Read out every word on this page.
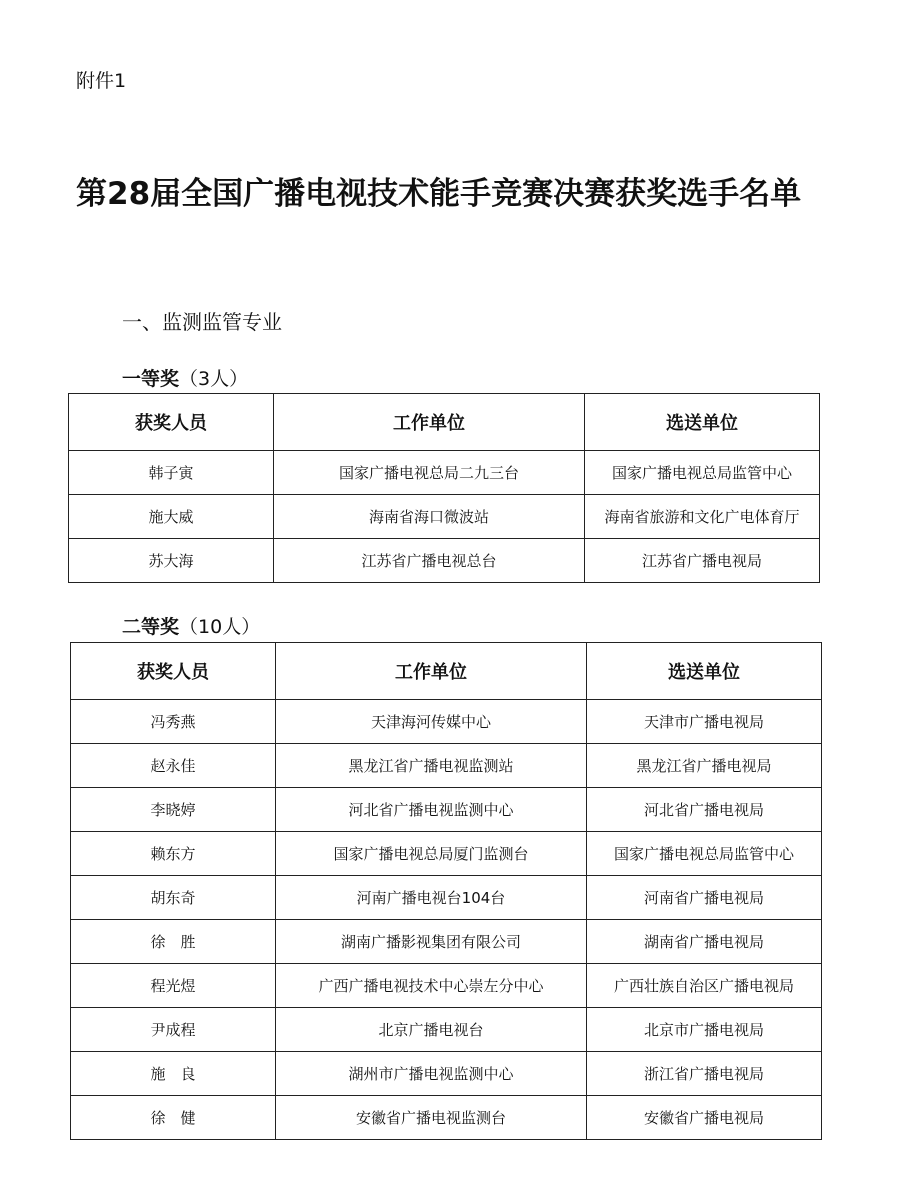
附件1
第28届全国广播电视技术能手竞赛决赛获奖选手名单
一、监测监管专业
一等奖（3人）
获奖人员	工作单位	选送单位
韩子寅	国家广播电视总局二九三台	国家广播电视总局监管中心
施大威	海南省海口微波站	海南省旅游和文化广电体育厅
苏大海	江苏省广播电视总台	江苏省广播电视局
二等奖（10人）
获奖人员	工作单位	选送单位
冯秀燕	天津海河传媒中心	天津市广播电视局
赵永佳	黑龙江省广播电视监测站	黑龙江省广播电视局
李晓婷	河北省广播电视监测中心	河北省广播电视局
赖东方	国家广播电视总局厦门监测台	国家广播电视总局监管中心
胡东奇	河南广播电视台104台	河南省广播电视局
徐　胜	湖南广播影视集团有限公司	湖南省广播电视局
程光煜	广西广播电视技术中心崇左分中心	广西壮族自治区广播电视局
尹成程	北京广播电视台	北京市广播电视局
施　良	湖州市广播电视监测中心	浙江省广播电视局
徐　健	安徽省广播电视监测台	安徽省广播电视局
